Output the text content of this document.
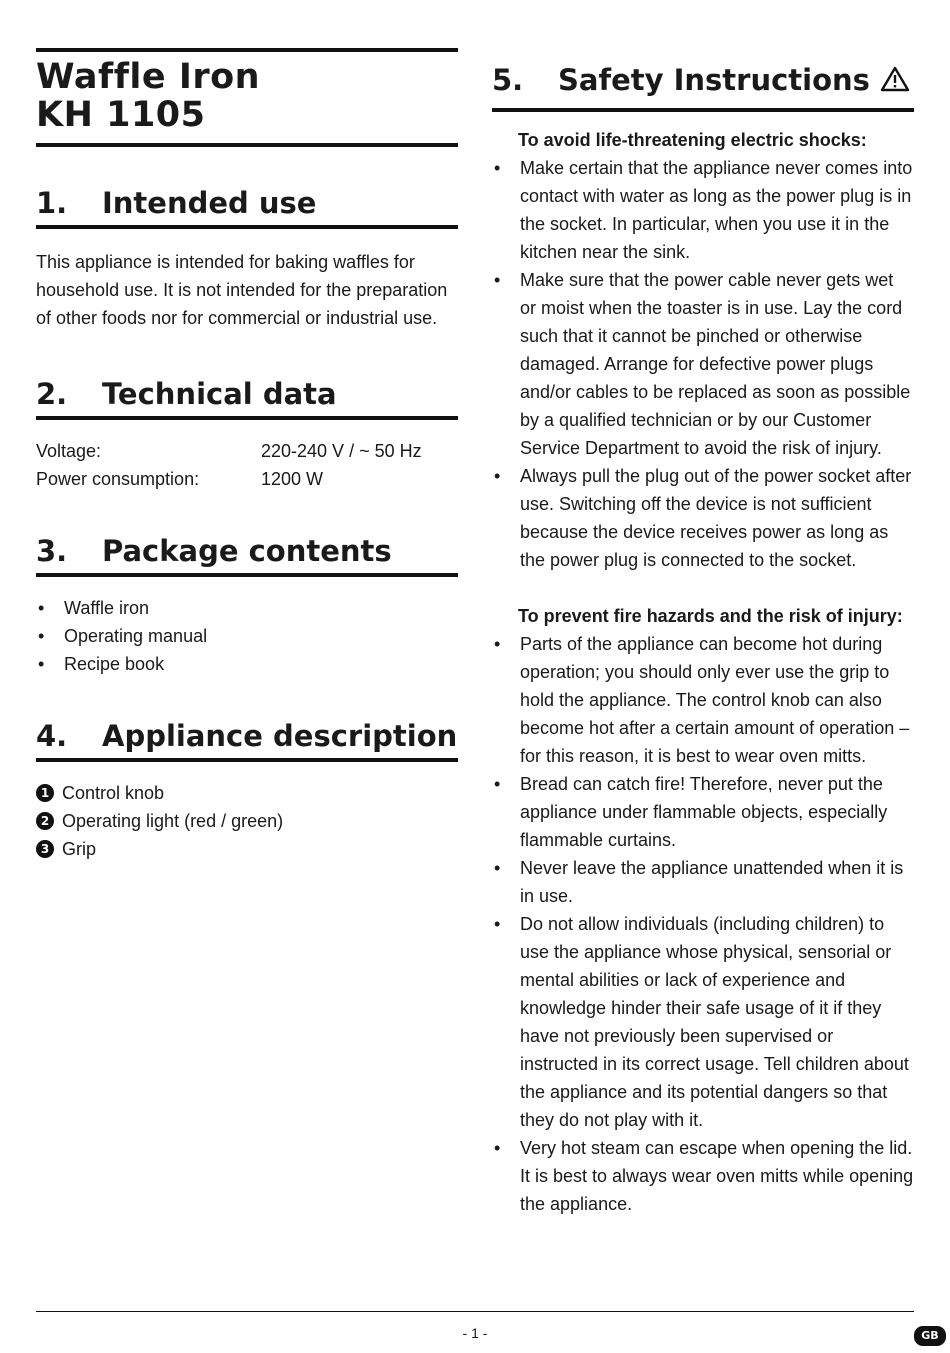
Waffle Iron
KH 1105
1.	Intended use
This appliance is intended for baking waffles for household use. It is not intended for the preparation of other foods nor for commercial or industrial use.
2.	Technical data
Voltage:	220-240 V / ~ 50 Hz
Power consumption:	1200 W
3.	Package contents
•	Waffle iron
•	Operating manual
•	Recipe book
4.	Appliance description
1 Control knob
2 Operating light (red / green)
3 Grip
5.	Safety Instructions
To avoid life-threatening electric shocks:
•	Make certain that the appliance never comes into contact with water as long as the power plug is in the socket. In particular, when you use it in the kitchen near the sink.
•	Make sure that the power cable never gets wet or moist when the toaster is in use. Lay the cord such that it cannot be pinched or otherwise damaged. Arrange for defective power plugs and/or cables to be replaced as soon as possible by a qualified technician or by our Customer Service Department to avoid the risk of injury.
•	Always pull the plug out of the power socket after use. Switching off the device is not sufficient because the device receives power as long as the power plug is connected to the socket.
To prevent fire hazards and the risk of injury:
•	Parts of the appliance can become hot during operation; you should only ever use the grip to hold the appliance. The control knob can also become hot after a certain amount of operation – for this reason, it is best to wear oven mitts.
•	Bread can catch fire! Therefore, never put the appliance under flammable objects, especially flammable curtains.
•	Never leave the appliance unattended when it is in use.
•	Do not allow individuals (including children) to use the appliance whose physical, sensorial or mental abilities or lack of experience and knowledge hinder their safe usage of it if they have not previously been supervised or instructed in its correct usage. Tell children about the appliance and its potential dangers so that they do not play with it.
•	Very hot steam can escape when opening the lid. It is best to always wear oven mitts while opening the appliance.
- 1 -	GB
